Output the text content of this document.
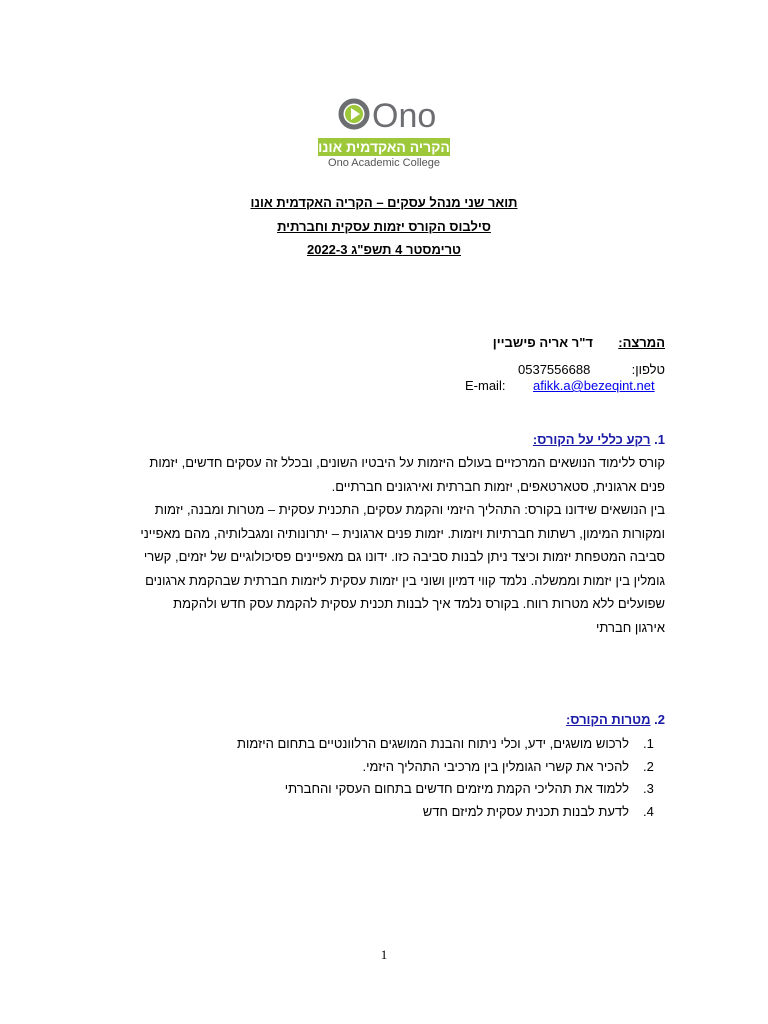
Ono
הקריה האקדמית אונו
Ono Academic College
תואר שני מנהל עסקים – הקריה האקדמית אונו
סילבוס הקורס יזמות עסקית וחברתית
טרימסטר 4 תשפ"ג 2022-3
המרצה:
ד"ר אריה פישביין
טלפון:
0537556688
E-mail: afikk.a@bezeqint.net
1. רקע כללי על הקורס:
קורס ללימוד הנושאים המרכזיים בעולם היזמות על היבטיו השונים, ובכלל זה עסקים חדשים, יזמות
פנים ארגונית, סטארטאפים, יזמות חברתית ואירגונים חברתיים.
בין הנושאים שידונו בקורס: התהליך היזמי והקמת עסקים, התכנית עסקית – מטרות ומבנה, יזמות
ומקורות המימון, רשתות חברתיות ויזמות. יזמות פנים ארגונית – יתרונותיה ומגבלותיה, מהם מאפייני
סביבה המטפחת יזמות וכיצד ניתן לבנות סביבה כזו. ידונו גם מאפיינים פסיכולוגיים של יזמים, קשרי
גומלין בין יזמות וממשלה. נלמד קווי דמיון ושוני בין יזמות עסקית ליזמות חברתית שבהקמת ארגונים
שפועלים ללא מטרות רווח. בקורס נלמד איך לבנות תכנית עסקית להקמת עסק חדש ולהקמת
אירגון חברתי
2. מטרות הקורס:
1.לרכוש מושגים, ידע, וכלי ניתוח והבנת המושגים הרלוונטיים בתחום היזמות
2.להכיר את קשרי הגומלין בין מרכיבי התהליך היזמי.
3.ללמוד את תהליכי הקמת מיזמים חדשים בתחום העסקי והחברתי
4.לדעת לבנות תכנית עסקית למיזם חדש
1
